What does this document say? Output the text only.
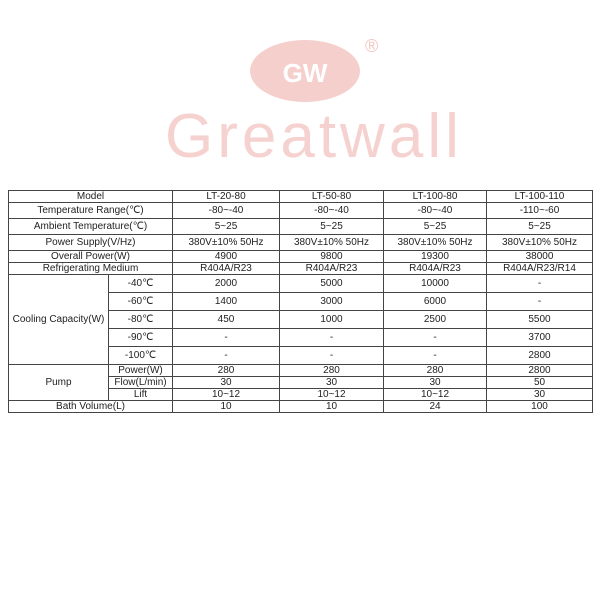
GW
®
Greatwall
Model		LT-20-80	LT-50-80	LT-100-80	LT-100-110
Temperature Range(℃)		-80~-40	-80~-40	-80~-40	-110~-60
Ambient Temperature(℃)		5~25	5~25	5~25	5~25
Power Supply(V/Hz)		380V±10% 50Hz	380V±10% 50Hz	380V±10% 50Hz	380V±10% 50Hz
Overall Power(W)		4900	9800	19300	38000
Refrigerating Medium		R404A/R23	R404A/R23	R404A/R23	R404A/R23/R14
Cooling Capacity(W)	-40℃	2000	5000	10000	-
	-60℃	1400	3000	6000	-
	-80℃	450	1000	2500	5500
	-90℃	-	-	-	3700
	-100℃	-	-	-	2800
Pump	Power(W)	280	280	280	2800
	Flow(L/min)	30	30	30	50
	Lift	10~12	10~12	10~12	30
Bath Volume(L)		10	10	24	100
